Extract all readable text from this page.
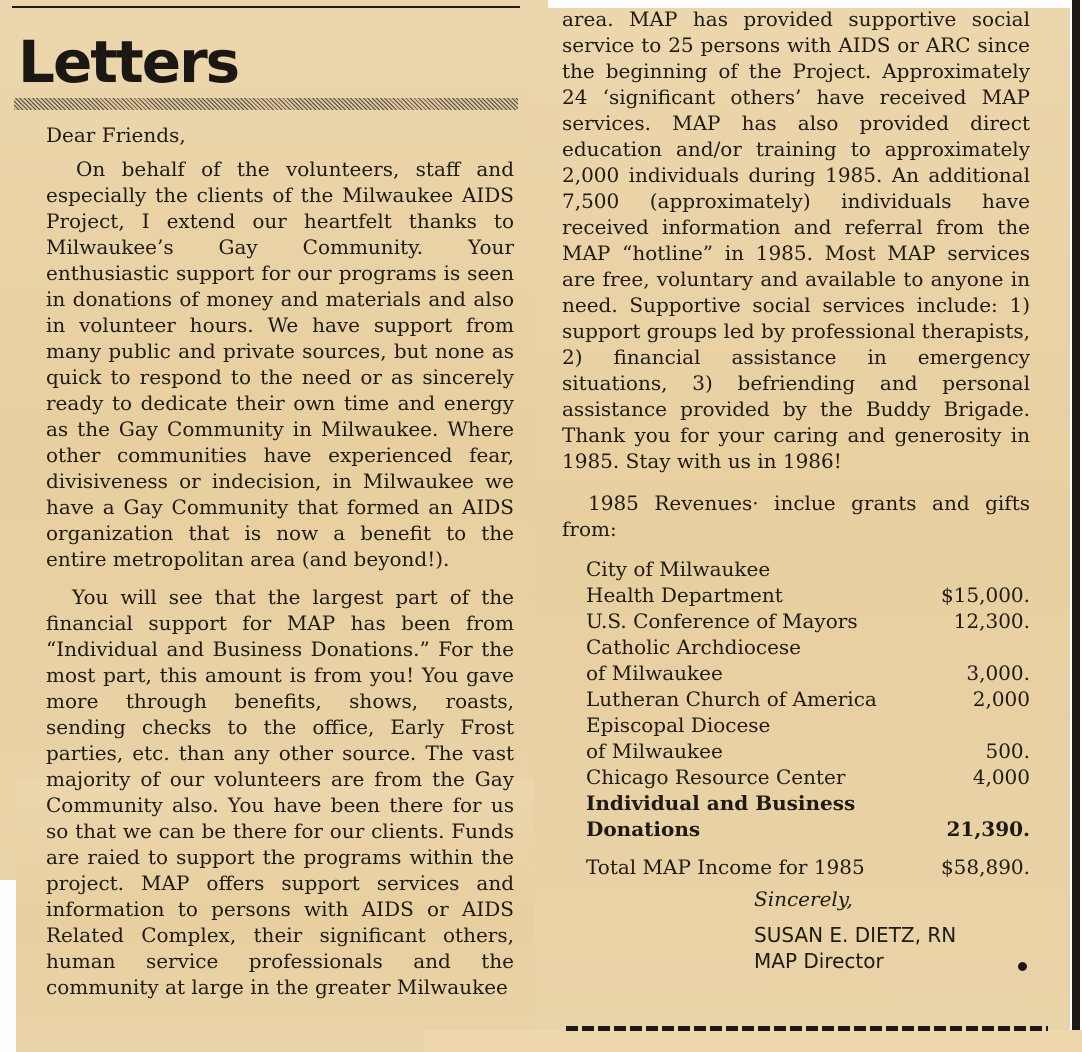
Letters

Dear Friends,

On behalf of the volunteers, staff and especially the clients of the Milwaukee AIDS Project, I extend our heartfelt thanks to Milwaukee’s Gay Community. Your enthusiastic support for our programs is seen in donations of money and materials and also in volunteer hours. We have support from many public and private sources, but none as quick to respond to the need or as sincerely ready to dedicate their own time and energy as the Gay Community in Milwaukee. Where other communities have experienced fear, divisiveness or indecision, in Milwaukee we have a Gay Community that formed an AIDS organization that is now a benefit to the entire metropolitan area (and beyond!).

You will see that the largest part of the financial support for MAP has been from “Individual and Business Donations.” For the most part, this amount is from you! You gave more through benefits, shows, roasts, sending checks to the office, Early Frost parties, etc. than any other source. The vast majority of our volunteers are from the Gay Community also. You have been there for us so that we can be there for our clients. Funds are raied to support the programs within the project. MAP offers support services and information to persons with AIDS or AIDS Related Complex, their significant others, human service professionals and the community at large in the greater Milwaukee

area. MAP has provided supportive social service to 25 persons with AIDS or ARC since the beginning of the Project. Approximately 24 ‘significant others’ have received MAP services. MAP has also provided direct education and/or training to approximately 2,000 individuals during 1985. An additional 7,500 (approximately) individuals have received information and referral from the MAP “hotline” in 1985. Most MAP services are free, voluntary and available to anyone in need. Supportive social services include: 1) support groups led by professional therapists, 2) financial assistance in emergency situations, 3) befriending and personal assistance provided by the Buddy Brigade. Thank you for your caring and generosity in 1985. Stay with us in 1986!

1985 Revenues· inclue grants and gifts from:

City of Milwaukee
Health Department	$15,000.
U.S. Conference of Mayors	12,300.
Catholic Archdiocese
of Milwaukee	3,000.
Lutheran Church of America	2,000
Episcopal Diocese
of Milwaukee	500.
Chicago Resource Center	4,000
Individual and Business
Donations	21,390.
Total MAP Income for 1985	$58,890.
Sincerely,
SUSAN E. DIETZ, RN
MAP Director
